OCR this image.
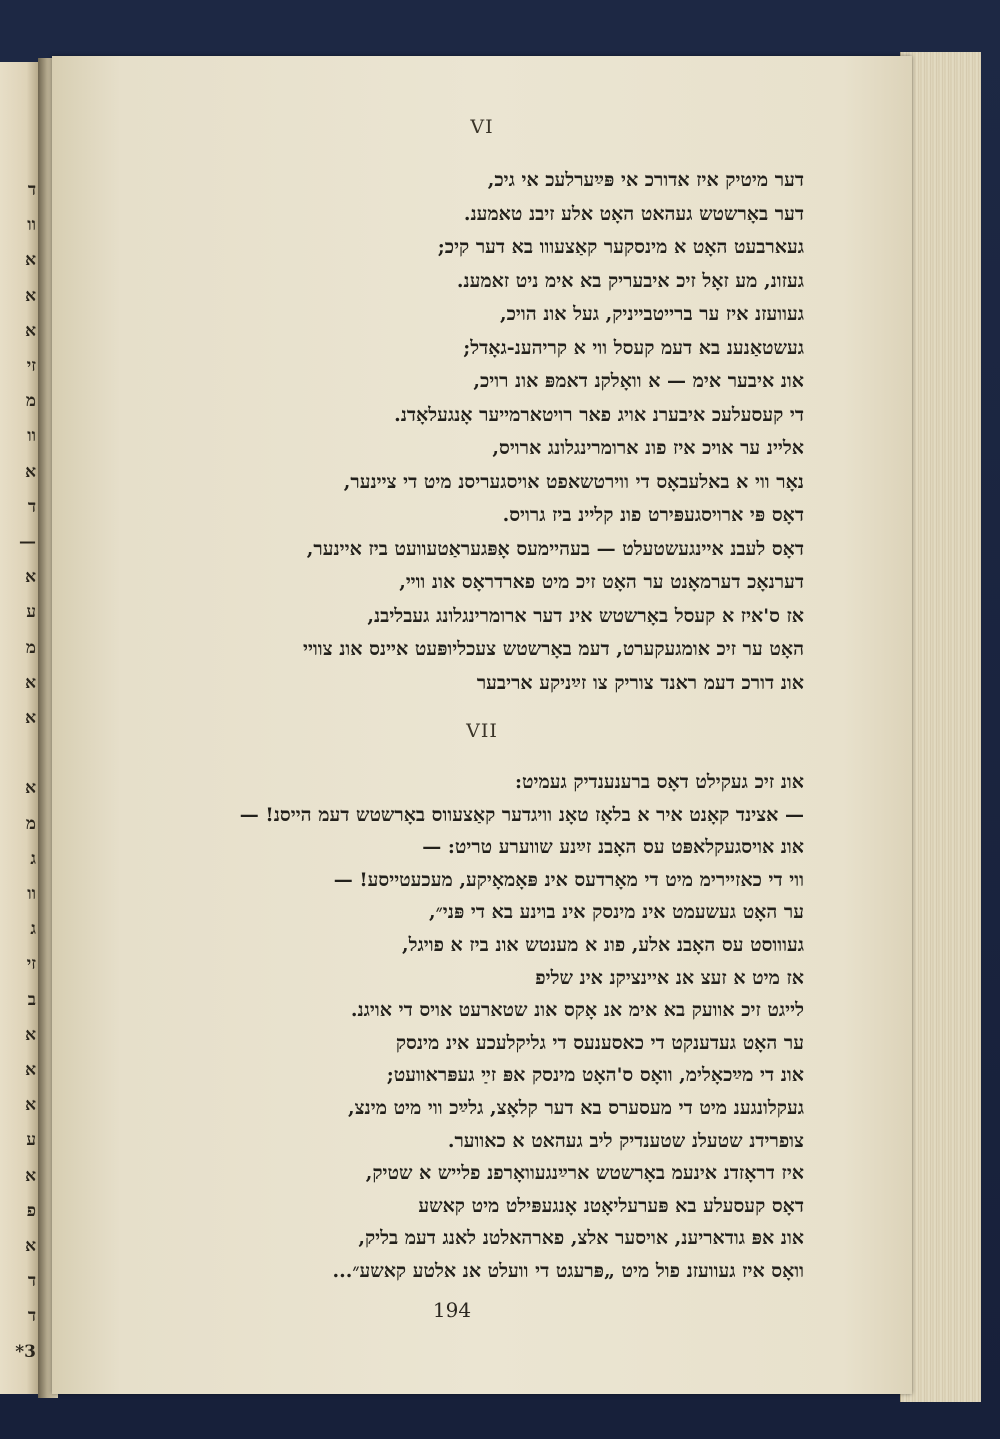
ד
וו
א
א
א
זי
מ
וו
א
ד
—
א
ע
מ
א
א
א
מ
ג
וו
ג
זי
ב
א
א
א
ע
א
פ
א
ד
ד
3*
VI
דער מיטיק איז אדורכ אי פּײַערלעכ אי גיכ,
דער באָרשטש געהאט האָט אלע זיבנ טאמענ.
געארבעט האָט א מינסקער קאַצעווו בא דער קיכ;
געזונ, מע זאָל זיכ איבעריק בא אימ ניט זאמענ.
געוועזנ איז ער ברייטבייניק, געל אונ הויכ,
געשטאַנענ בא דעמ קעסל ווי א קריהענ-גאָדל;
אונ איבער אימ — א וואָלקנ דאמפּ אונ רויכ,
די קעסעלעכ איבערנ אויג פאר רויטארמייער אָנגעלאָדנ.
אליינ ער אויכ איז פונ ארומרינגלונג ארויס,
נאָר ווי א באלעבאָס די ווירטשאפט אויסגעריסנ מיט די ציינער,
דאָס פּי ארויסגעפּירט פונ קליינ ביז גרויס.
דאָס לעבנ איינגעשטעלט — בעהיימעס אָפּגעראַטעוועט ביז איינער,
דערנאָכ דערמאָנט ער האָט זיכ מיט פארדראָס אונ ווײ,
אז ס'איז א קעסל באָרשטש אינ דער ארומרינגלונג געבליבנ,
האָט ער זיכ אומגעקערט, דעמ באָרשטש צעכליופּעט איינס אונ צוויי
אונ דורכ דעמ ראנד צוריק צו זײַניקע אריבער
VII
אונ זיכ געקילט דאָס ברענענדיק געמיט:
— אצינד קאָנט איר א בלאָז טאָנ וויגדער קאַצעווס באָרשטש דעמ הייסנ! —
אונ אויסגעקלאפּט עס האָבנ זײַנע שווערע טריט: —
ווי די כאזיירימ מיט די מאָרדעס אינ פּאָמאָיקע, מעכעטייסע! —
ער האָט געשעמט אינ מינסק אינ בוינע בא די פּני״,
געוווסט עס האָבנ אלע, פונ א מענטש אונ ביז א פויגל,
אז מיט א זעצ אנ איינציקנ אינ שליפ
לייגט זיכ אוועק בא אימ אנ אָקס אונ שטארעט אויס די אויגנ.
ער האָט געדענקט די כאסענעס די גליקלעכע אינ מינסק
אונ די מײַכאָלימ, וואָס ס'האָט מינסק אפּ זײַ געפּראוועט;
געקלונגענ מיט די מעסערס בא דער קלאָצ, גלײַכ ווי מיט מינצ,
צופרידנ שטעלנ שטענדיק ליב געהאט א כאווער.
איז דראָזדנ אינעמ באָרשטש ארײַנגעוואָרפנ פלייש א שטיק,
דאָס קעסעלע בא פּערעליאָטנ אָנגעפּילט מיט קאשע
אונ אפּ גודאריענ, אויסער אלצ, פארהאלטנ לאנג דעמ בליק,
וואָס איז געוועזנ פול מיט „פּרעגט די וועלט אנ אלטע קאשע״...
194
